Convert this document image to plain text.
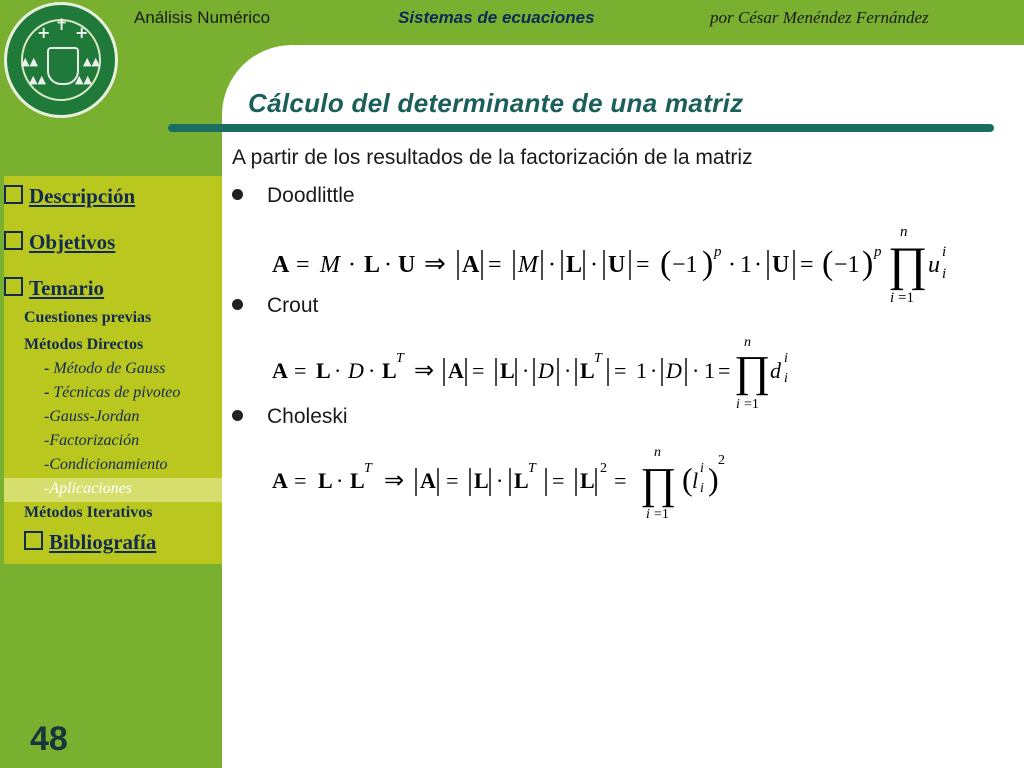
+ +
✝
▲▲	▲▲
▲▲	▲▲
Análisis Numérico	Sistemas de ecuaciones	por César Menéndez Fernández
Cálculo del determinante de una matriz
Descripción
Objetivos
Temario
Cuestiones previas
Métodos Directos
- Método de Gauss
- Técnicas de pivoteo
-Gauss-Jordan
-Factorización
-Condicionamiento
-Aplicaciones
Métodos Iterativos
Bibliografía
48
A partir de los resultados de la factorización de la matriz
Doodlittle
Crout
Choleski
A = M · L · U ⇒ A = M · L · U = ( −1 ) p · 1 · U = ( −1 ) p ∏
n
i =1
u i
i
A = L · D · L T ⇒ A = L · D · L T = 1 · D · 1 = ∏
n
i =1
d i
i
A = L · L T ⇒ A = L · L T = L 2 = ∏
n
i =1
( l i
i )
2
